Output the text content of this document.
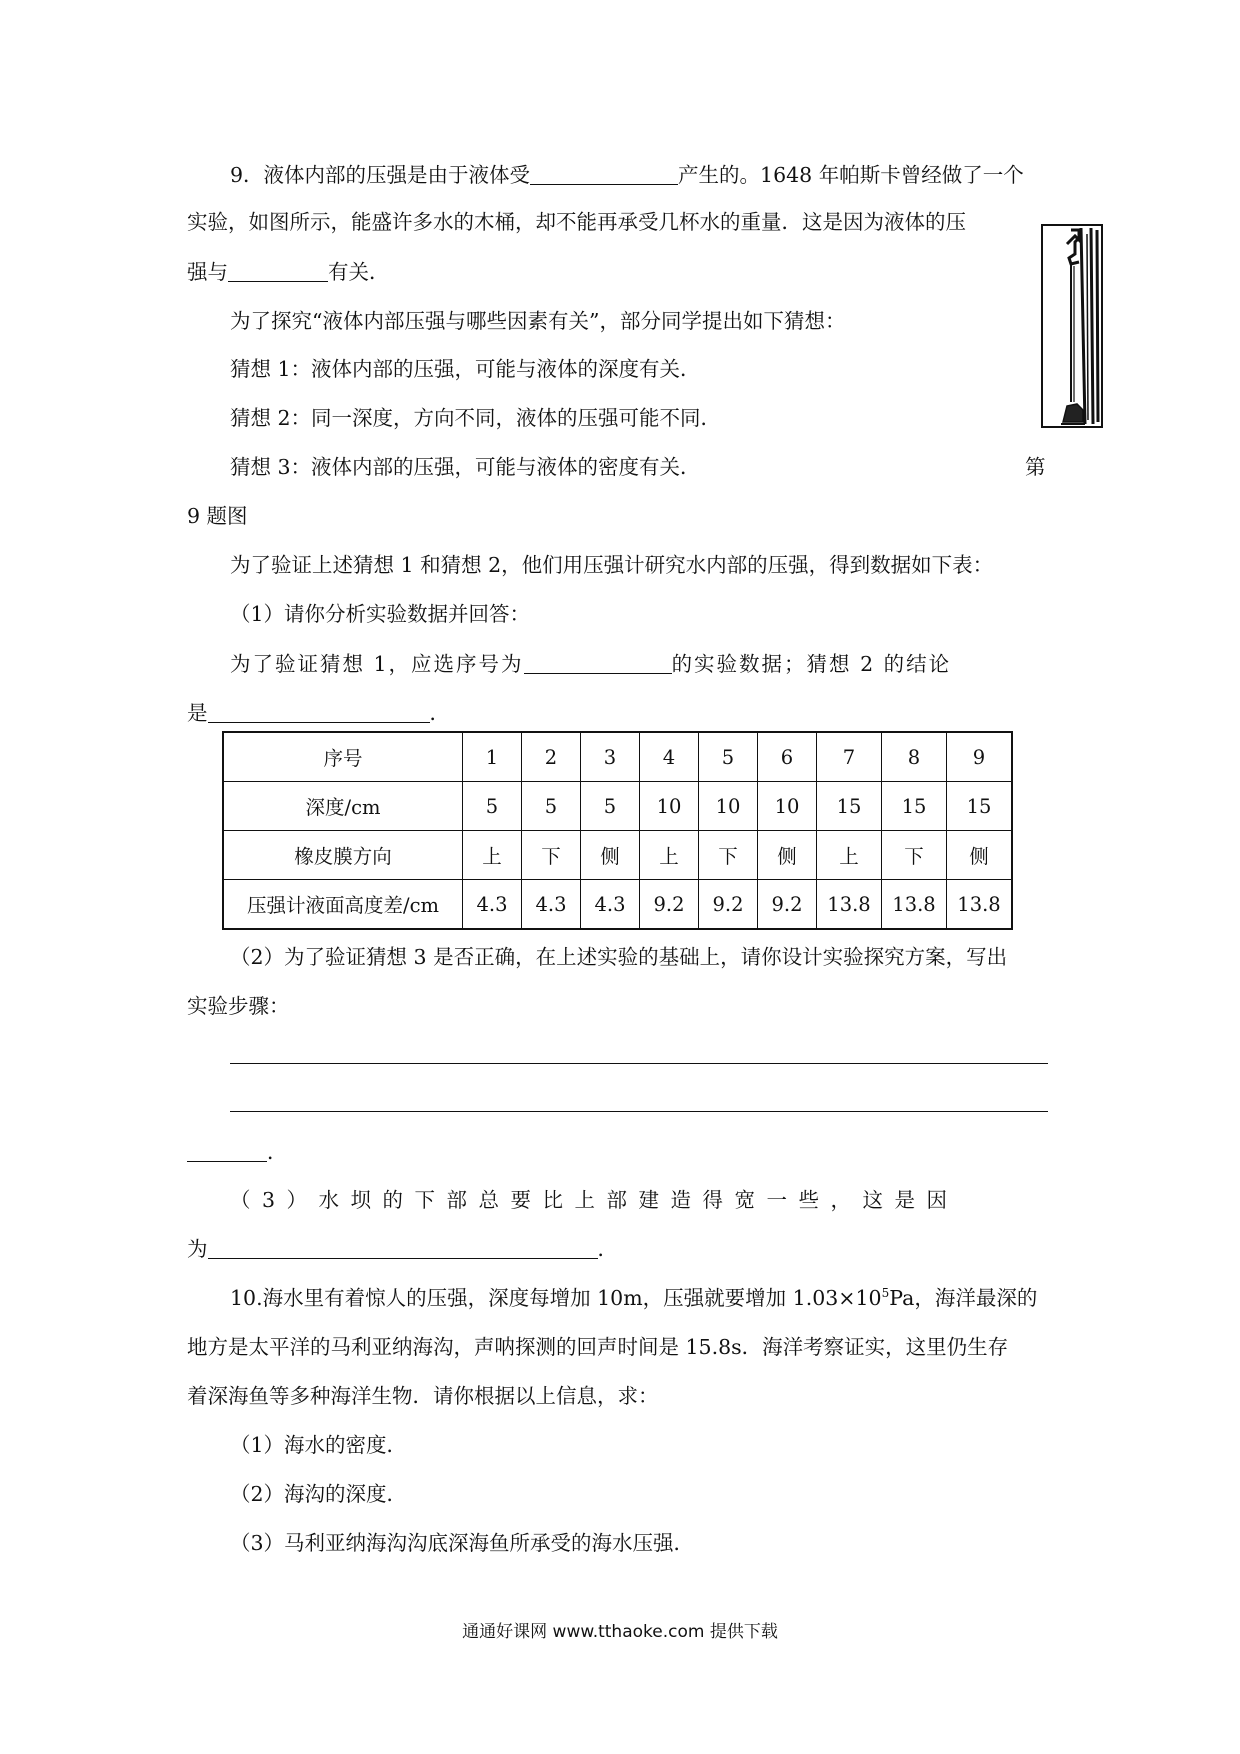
9．液体内部的压强是由于液体受	产生的。1648 年帕斯卡曾经做了一个
实验，如图所示，能盛许多水的木桶，却不能再承受几杯水的重量．这是因为液体的压
强与	有关．
为了探究“液体内部压强与哪些因素有关”，部分同学提出如下猜想：
猜想 1：液体内部的压强，可能与液体的深度有关．
猜想 2：同一深度，方向不同，液体的压强可能不同．
猜想 3：液体内部的压强，可能与液体的密度有关．	第
9 题图
为了验证上述猜想 1 和猜想 2，他们用压强计研究水内部的压强，得到数据如下表：
（1）请你分析实验数据并回答：
为了验证猜想 1，应选序号为	的实验数据；猜想 2 的结论
是	．
序号	1	2	3	4	5	6	7	8	9
深度/cm	5	5	5	10	10	10	15	15	15
橡皮膜方向	上	下	侧	上	下	侧	上	下	侧
压强计液面高度差/cm	4.3	4.3	4.3	9.2	9.2	9.2	13.8	13.8	13.8
（2）为了验证猜想 3 是否正确，在上述实验的基础上，请你设计实验探究方案，写出
实验步骤：
．
（3）水坝的下部总要比上部建造得宽一些，这是因
为	．
10.海水里有着惊人的压强，深度每增加 10m，压强就要增加 $1.03\times 10^5Pa$，海洋最深的
地方是太平洋的马利亚纳海沟，声呐探测的回声时间是 15.8s．海洋考察证实，这里仍生存
着深海鱼等多种海洋生物．请你根据以上信息，求：
（1）海水的密度．
（2）海沟的深度．
（3）马利亚纳海沟沟底深海鱼所承受的海水压强．
通通好课网 www.tthaoke.com 提供下载
